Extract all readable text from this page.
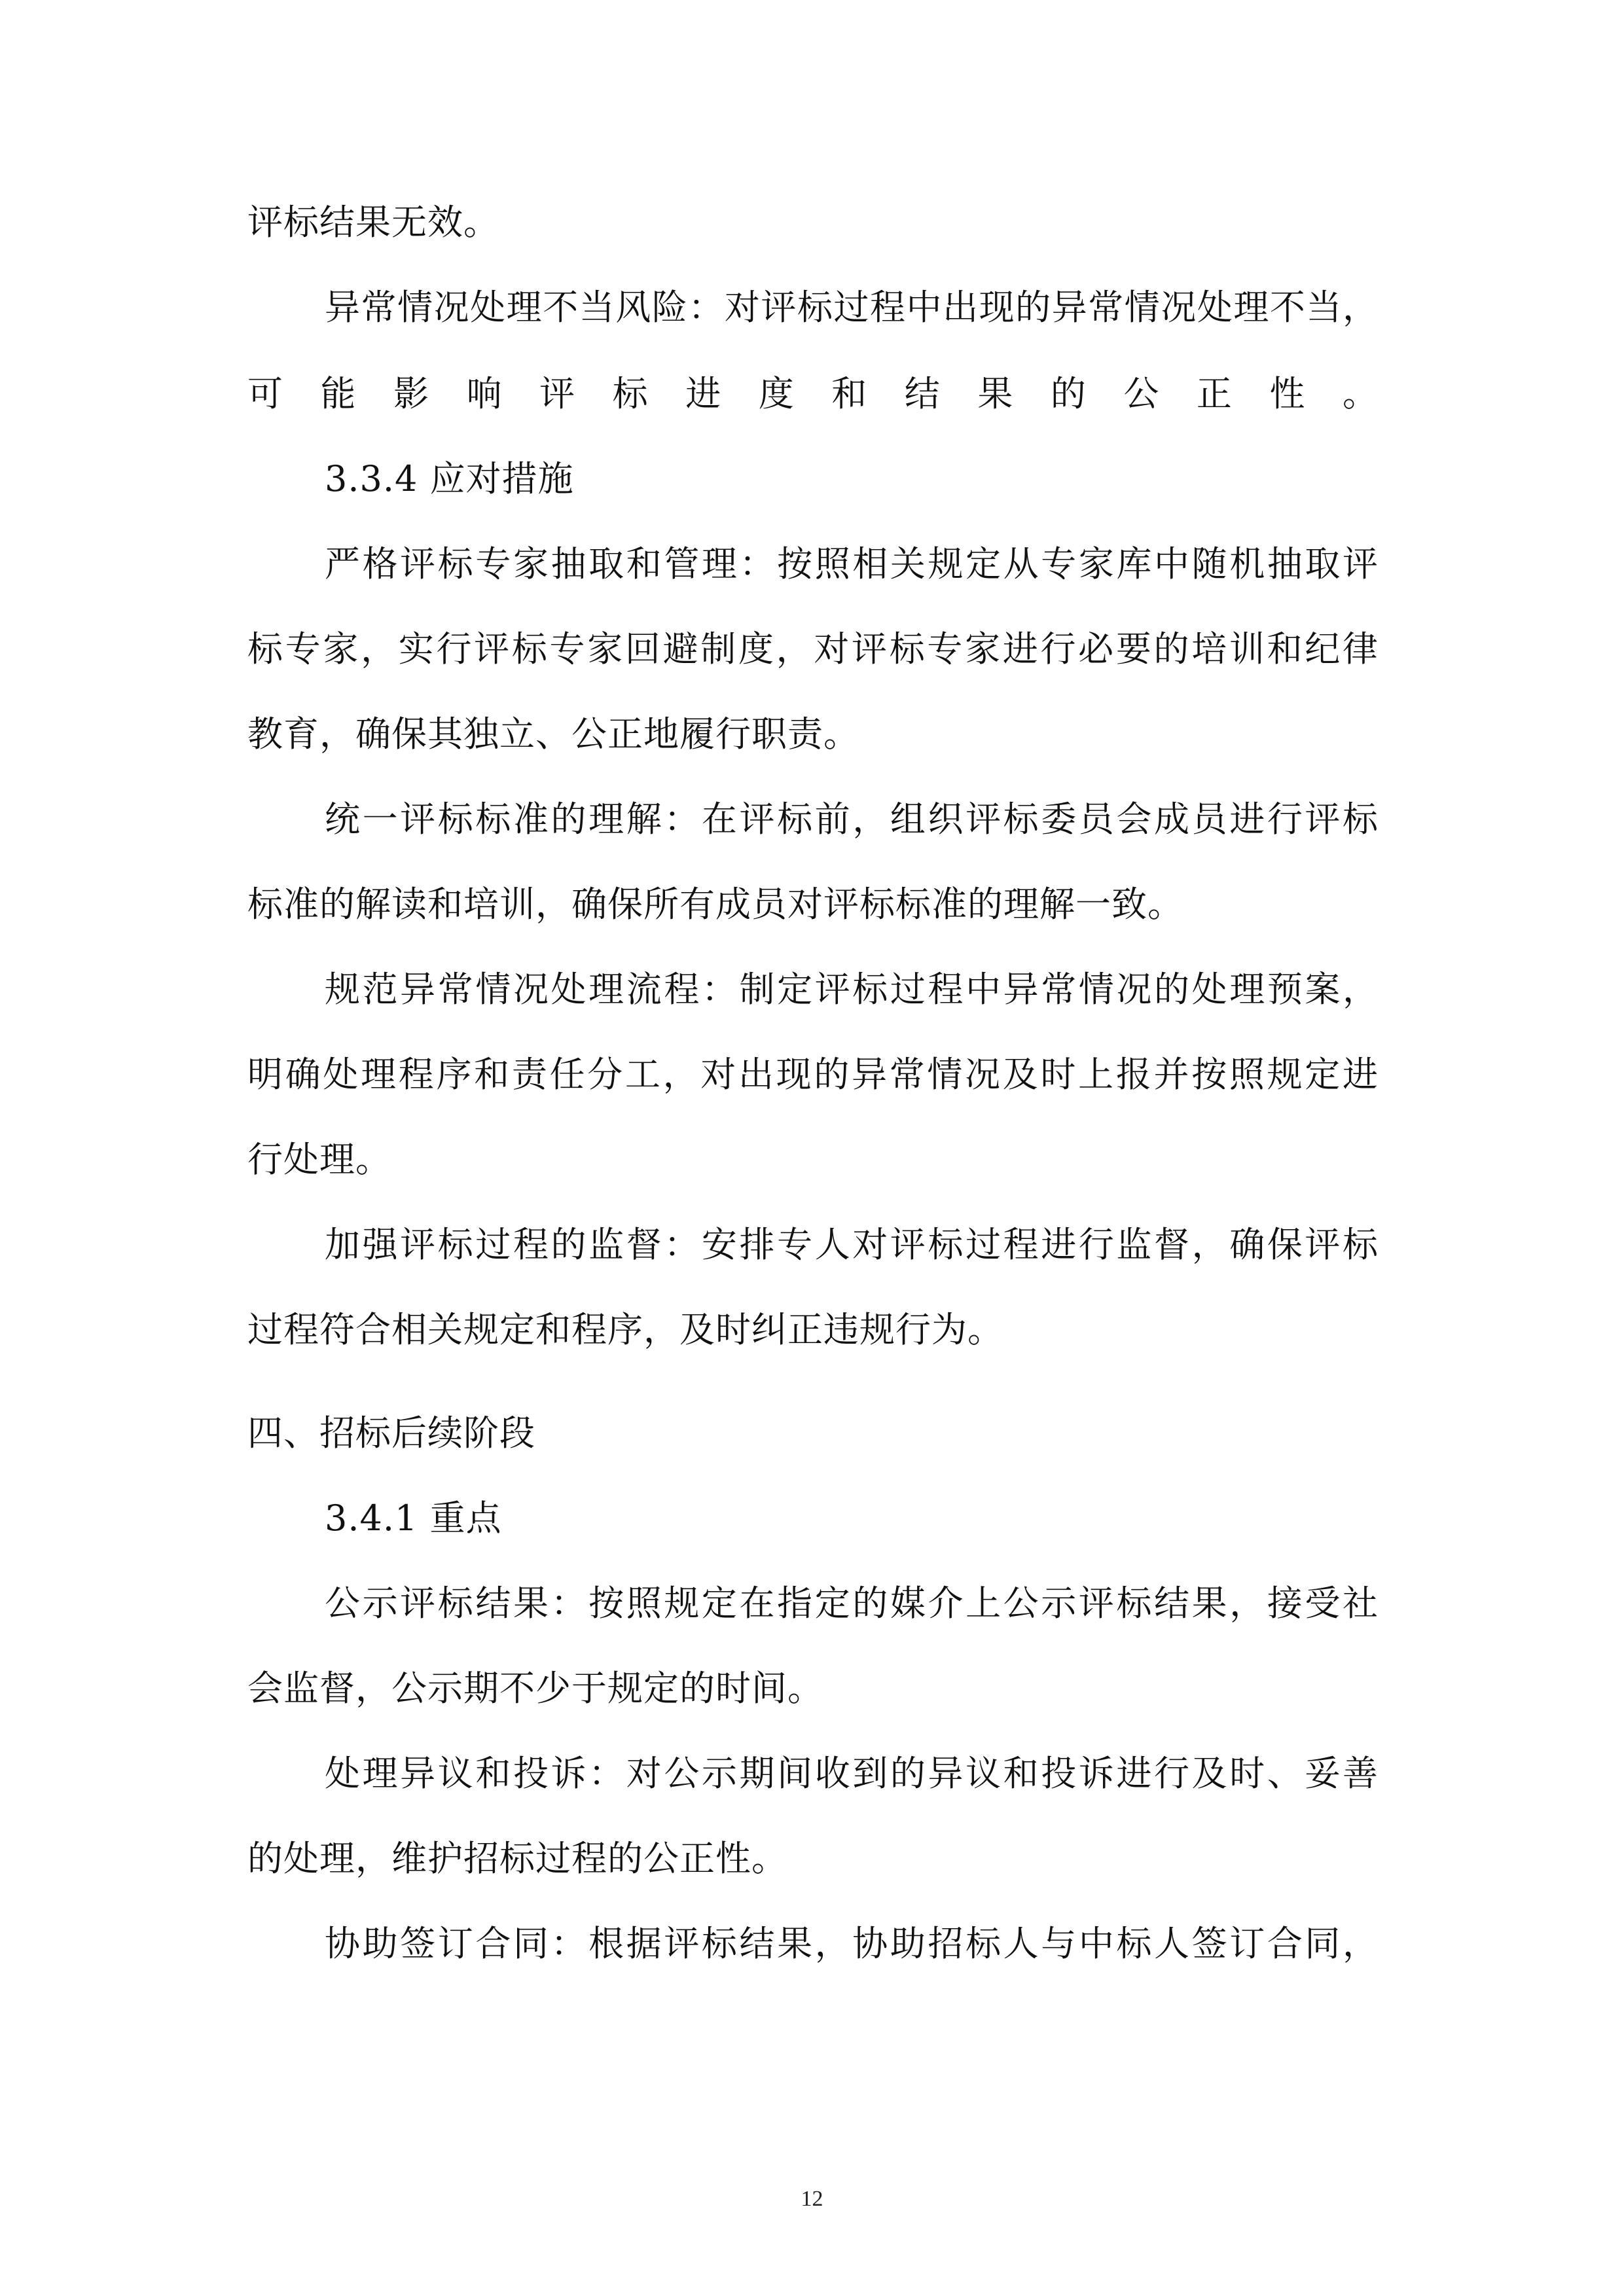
评标结果无效。
异常情况处理不当风险：对评标过程中出现的异常情况处理不当，
可能影响评标进度和结果的公正性。
3.3.4 应对措施
严格评标专家抽取和管理：按照相关规定从专家库中随机抽取评
标专家，实行评标专家回避制度，对评标专家进行必要的培训和纪律
教育，确保其独立、公正地履行职责。
统一评标标准的理解：在评标前，组织评标委员会成员进行评标
标准的解读和培训，确保所有成员对评标标准的理解一致。
规范异常情况处理流程：制定评标过程中异常情况的处理预案，
明确处理程序和责任分工，对出现的异常情况及时上报并按照规定进
行处理。
加强评标过程的监督：安排专人对评标过程进行监督，确保评标
过程符合相关规定和程序，及时纠正违规行为。
四、招标后续阶段
3.4.1 重点
公示评标结果：按照规定在指定的媒介上公示评标结果，接受社
会监督，公示期不少于规定的时间。
处理异议和投诉：对公示期间收到的异议和投诉进行及时、妥善
的处理，维护招标过程的公正性。
协助签订合同：根据评标结果，协助招标人与中标人签订合同，
12
